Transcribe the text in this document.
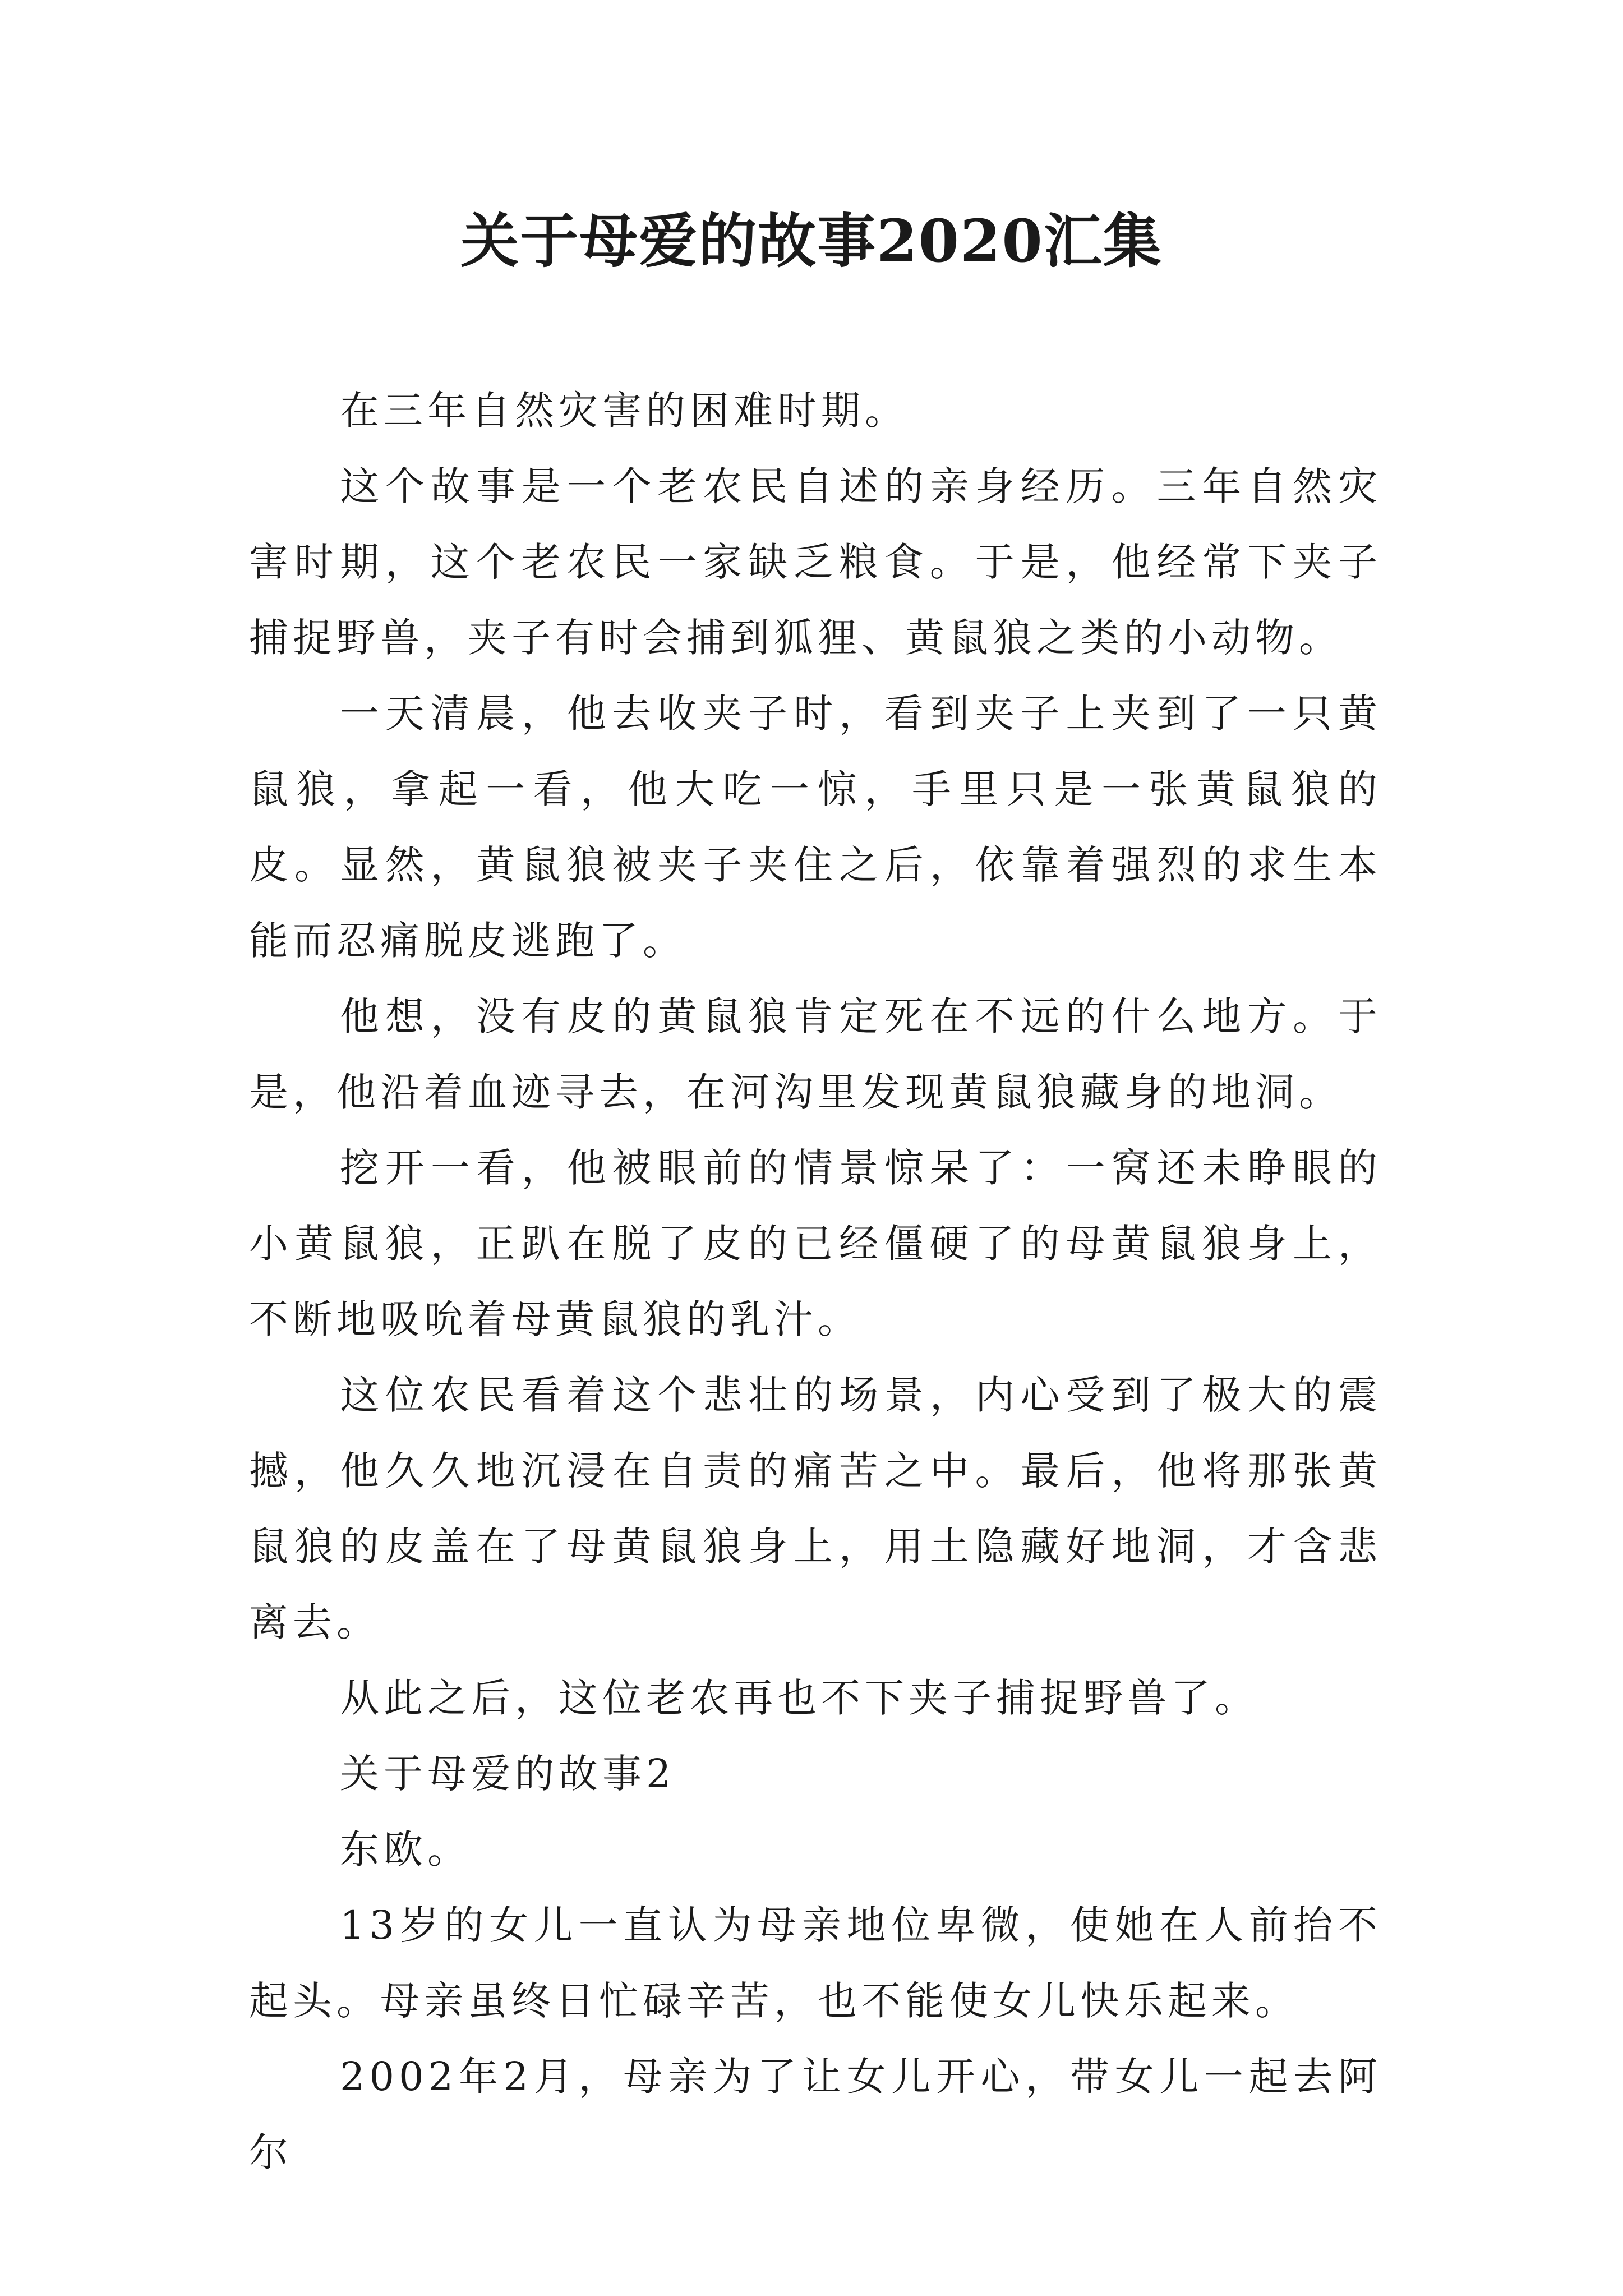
关于母爱的故事2020汇集

在三年自然灾害的困难时期。

这个故事是一个老农民自述的亲身经历。三年自然灾害时期，这个老农民一家缺乏粮食。于是，他经常下夹子捕捉野兽，夹子有时会捕到狐狸、黄鼠狼之类的小动物。

一天清晨，他去收夹子时，看到夹子上夹到了一只黄鼠狼，拿起一看，他大吃一惊，手里只是一张黄鼠狼的皮。显然，黄鼠狼被夹子夹住之后，依靠着强烈的求生本能而忍痛脱皮逃跑了。

他想，没有皮的黄鼠狼肯定死在不远的什么地方。于是，他沿着血迹寻去，在河沟里发现黄鼠狼藏身的地洞。

挖开一看，他被眼前的情景惊呆了：一窝还未睁眼的小黄鼠狼，正趴在脱了皮的已经僵硬了的母黄鼠狼身上，不断地吸吮着母黄鼠狼的乳汁。

这位农民看着这个悲壮的场景，内心受到了极大的震撼，他久久地沉浸在自责的痛苦之中。最后，他将那张黄鼠狼的皮盖在了母黄鼠狼身上，用土隐藏好地洞，才含悲离去。

从此之后，这位老农再也不下夹子捕捉野兽了。

关于母爱的故事2

东欧。

13岁的女儿一直认为母亲地位卑微，使她在人前抬不起头。母亲虽终日忙碌辛苦，也不能使女儿快乐起来。

2002年2月，母亲为了让女儿开心，带女儿一起去阿尔
